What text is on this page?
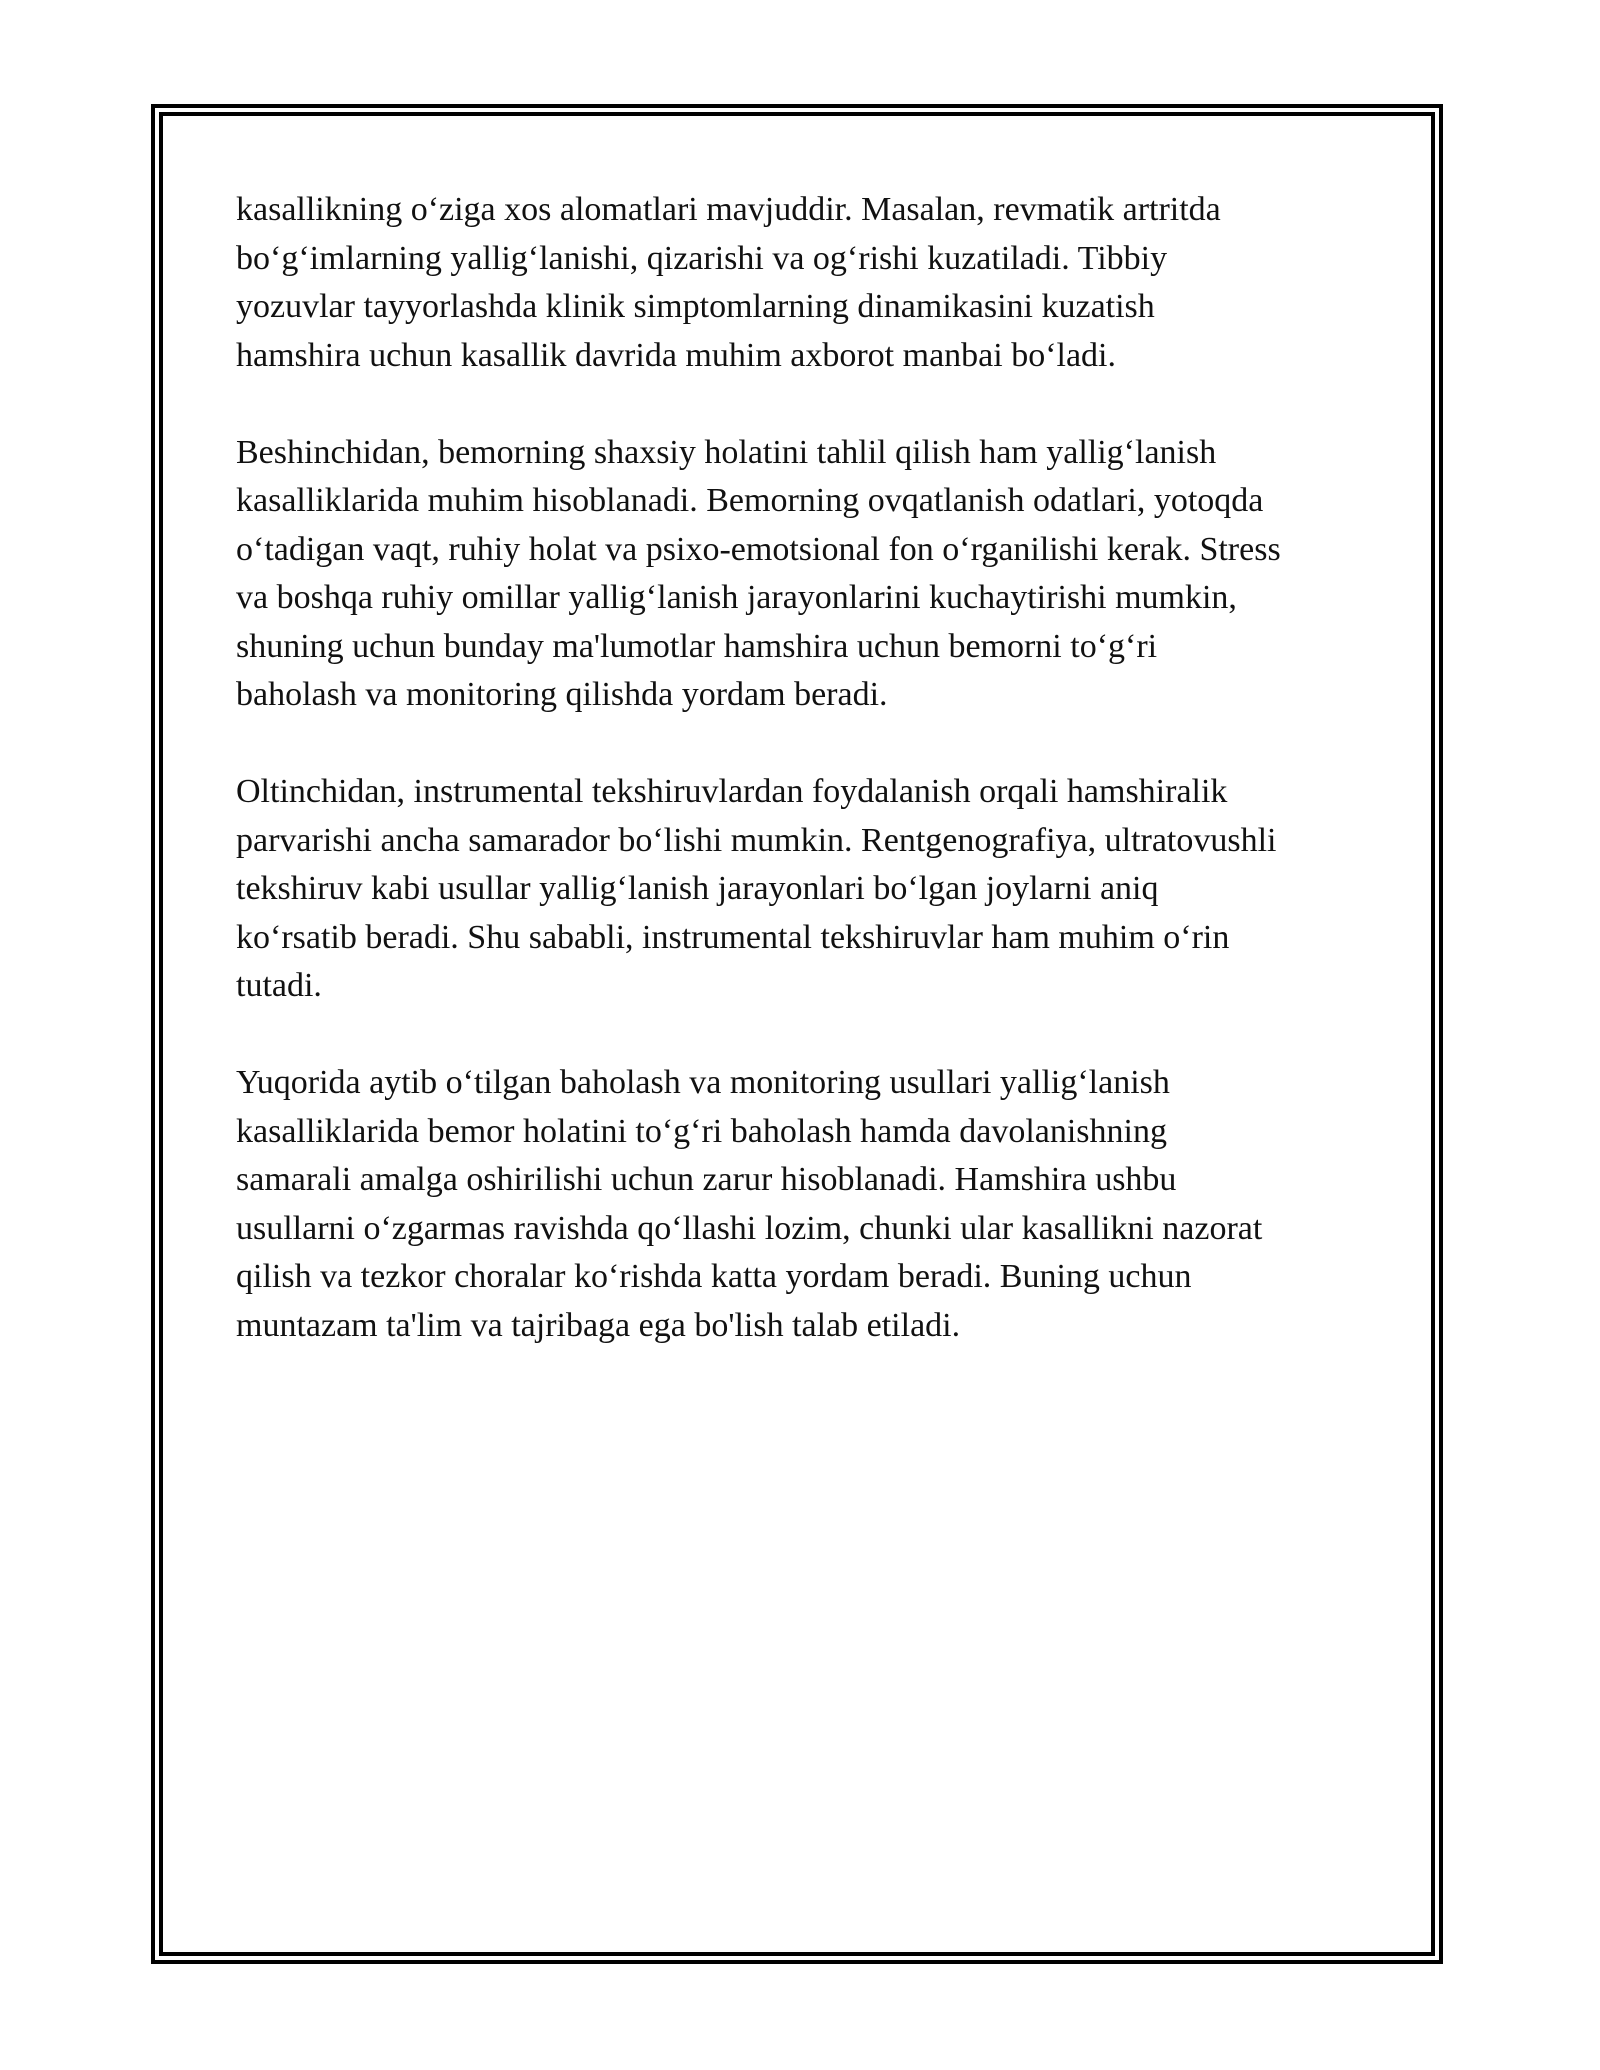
kasallikning o‘ziga xos alomatlari mavjuddir. Masalan, revmatik artritda
bo‘g‘imlarning yallig‘lanishi, qizarishi va og‘rishi kuzatiladi. Tibbiy
yozuvlar tayyorlashda klinik simptomlarning dinamikasini kuzatish
hamshira uchun kasallik davrida muhim axborot manbai bo‘ladi.

Beshinchidan, bemorning shaxsiy holatini tahlil qilish ham yallig‘lanish
kasalliklarida muhim hisoblanadi. Bemorning ovqatlanish odatlari, yotoqda
o‘tadigan vaqt, ruhiy holat va psixo-emotsional fon o‘rganilishi kerak. Stress
va boshqa ruhiy omillar yallig‘lanish jarayonlarini kuchaytirishi mumkin,
shuning uchun bunday ma'lumotlar hamshira uchun bemorni to‘g‘ri
baholash va monitoring qilishda yordam beradi.

Oltinchidan, instrumental tekshiruvlardan foydalanish orqali hamshiralik
parvarishi ancha samarador bo‘lishi mumkin. Rentgenografiya, ultratovushli
tekshiruv kabi usullar yallig‘lanish jarayonlari bo‘lgan joylarni aniq
ko‘rsatib beradi. Shu sababli, instrumental tekshiruvlar ham muhim o‘rin
tutadi.

Yuqorida aytib o‘tilgan baholash va monitoring usullari yallig‘lanish
kasalliklarida bemor holatini to‘g‘ri baholash hamda davolanishning
samarali amalga oshirilishi uchun zarur hisoblanadi. Hamshira ushbu
usullarni o‘zgarmas ravishda qo‘llashi lozim, chunki ular kasallikni nazorat
qilish va tezkor choralar ko‘rishda katta yordam beradi. Buning uchun
muntazam ta'lim va tajribaga ega bo'lish talab etiladi.
